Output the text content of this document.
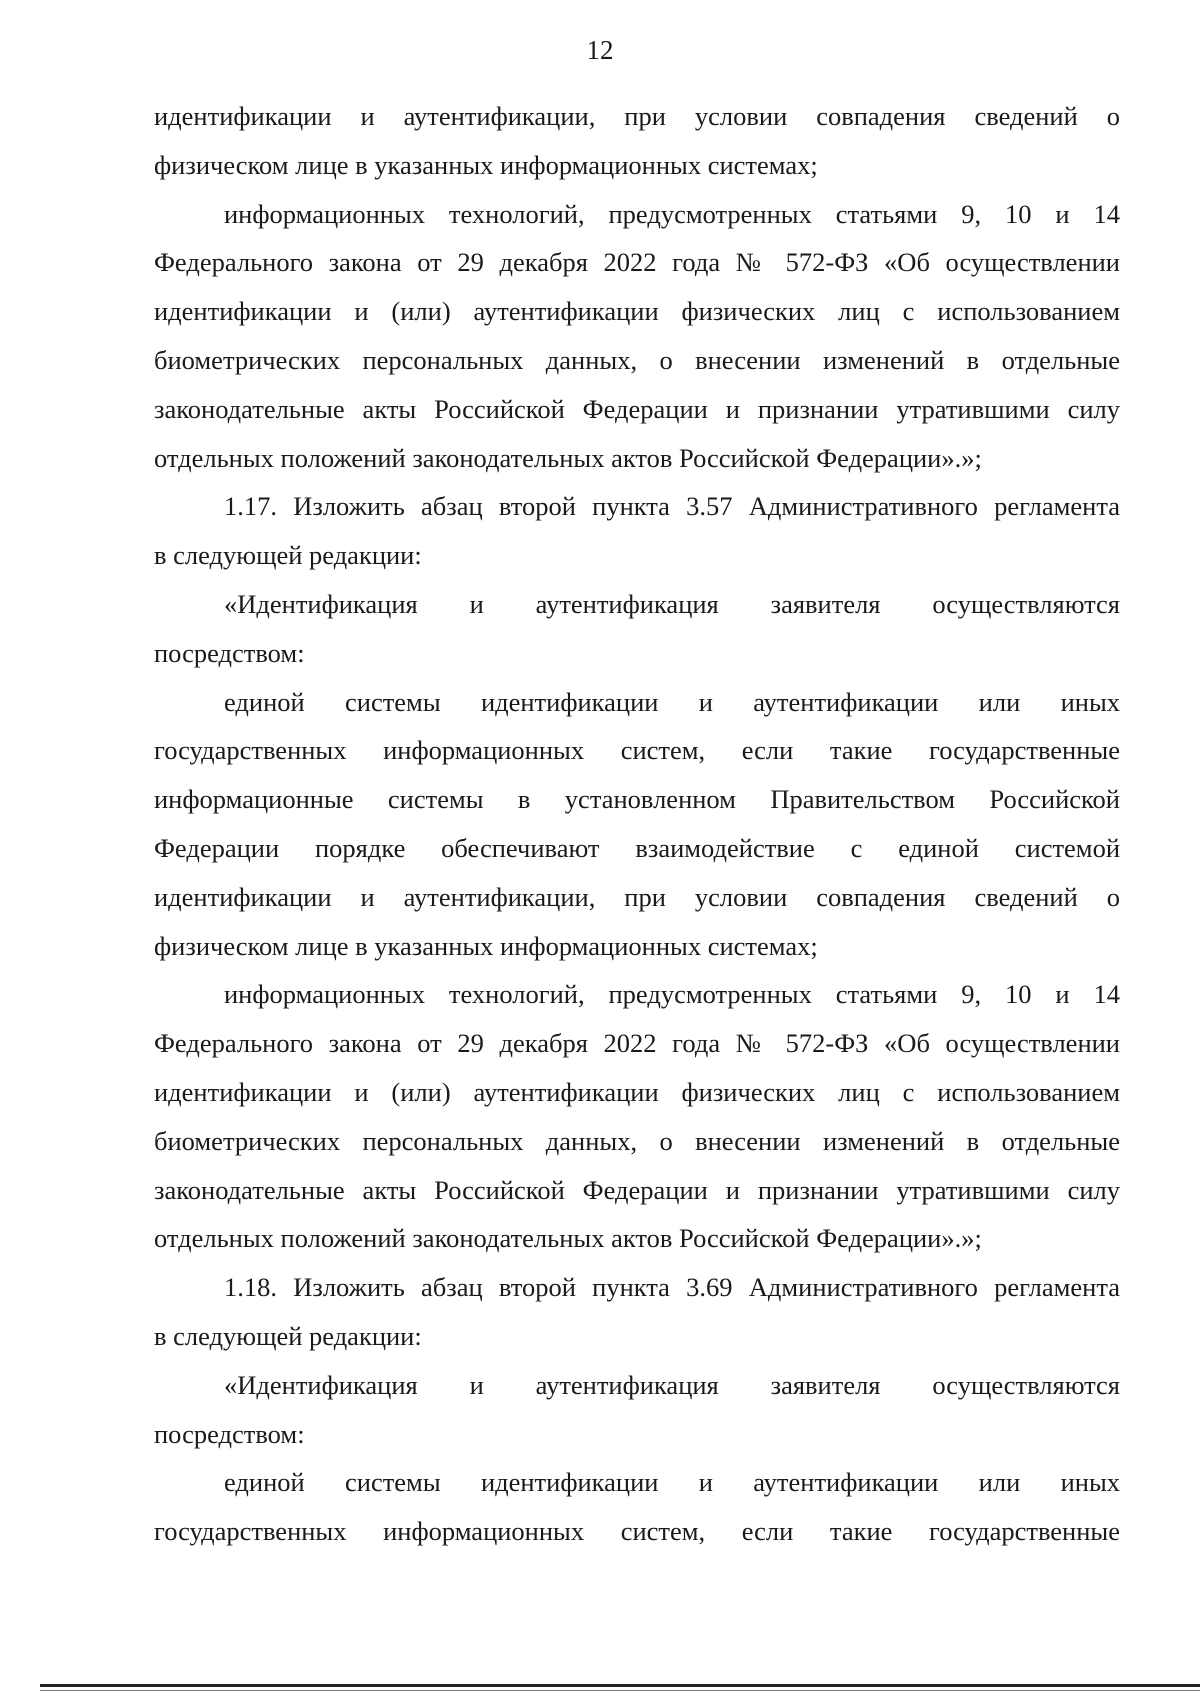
12
идентификации и аутентификации, при условии совпадения сведений о
физическом лице в указанных информационных системах;
информационных технологий, предусмотренных статьями 9, 10 и 14
Федерального закона от 29 декабря 2022 года № 572-ФЗ «Об осуществлении
идентификации и (или) аутентификации физических лиц с использованием
биометрических персональных данных, о внесении изменений в отдельные
законодательные акты Российской Федерации и признании утратившими силу
отдельных положений законодательных актов Российской Федерации».»;
1.17. Изложить абзац второй пункта 3.57 Административного регламента
в следующей редакции:
«Идентификация и аутентификация заявителя осуществляются
посредством:
единой системы идентификации и аутентификации или иных
государственных информационных систем, если такие государственные
информационные системы в установленном Правительством Российской
Федерации порядке обеспечивают взаимодействие с единой системой
идентификации и аутентификации, при условии совпадения сведений о
физическом лице в указанных информационных системах;
информационных технологий, предусмотренных статьями 9, 10 и 14
Федерального закона от 29 декабря 2022 года № 572-ФЗ «Об осуществлении
идентификации и (или) аутентификации физических лиц с использованием
биометрических персональных данных, о внесении изменений в отдельные
законодательные акты Российской Федерации и признании утратившими силу
отдельных положений законодательных актов Российской Федерации».»;
1.18. Изложить абзац второй пункта 3.69 Административного регламента
в следующей редакции:
«Идентификация и аутентификация заявителя осуществляются
посредством:
единой системы идентификации и аутентификации или иных
государственных информационных систем, если такие государственные
